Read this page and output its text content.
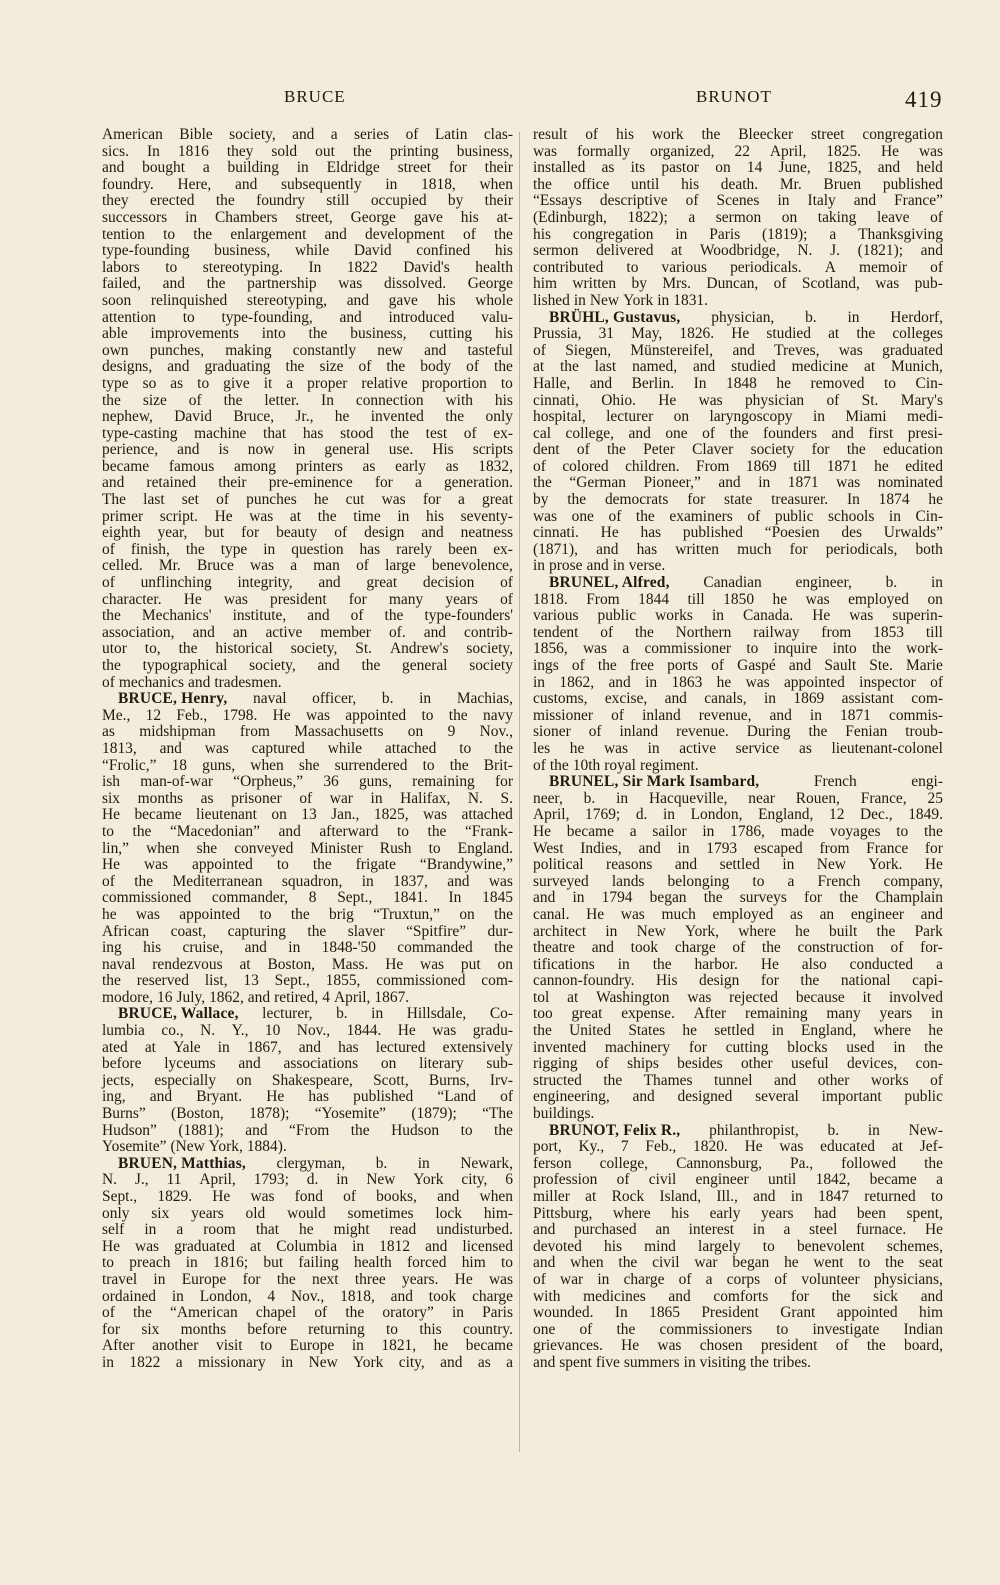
BRUCE	BRUNOT	419
American Bible society, and a series of Latin clas-
sics. In 1816 they sold out the printing business,
and bought a building in Eldridge street for their
foundry. Here, and subsequently in 1818, when
they erected the foundry still occupied by their
successors in Chambers street, George gave his at-
tention to the enlargement and development of the
type-founding business, while David confined his
labors to stereotyping. In 1822 David's health
failed, and the partnership was dissolved. George
soon relinquished stereotyping, and gave his whole
attention to type-founding, and introduced valu-
able improvements into the business, cutting his
own punches, making constantly new and tasteful
designs, and graduating the size of the body of the
type so as to give it a proper relative proportion to
the size of the letter. In connection with his
nephew, David Bruce, Jr., he invented the only
type-casting machine that has stood the test of ex-
perience, and is now in general use. His scripts
became famous among printers as early as 1832,
and retained their pre-eminence for a generation.
The last set of punches he cut was for a great
primer script. He was at the time in his seventy-
eighth year, but for beauty of design and neatness
of finish, the type in question has rarely been ex-
celled. Mr. Bruce was a man of large benevolence,
of unflinching integrity, and great decision of
character. He was president for many years of
the Mechanics' institute, and of the type-founders'
association, and an active member of. and contrib-
utor to, the historical society, St. Andrew's society,
the typographical society, and the general society
of mechanics and tradesmen.
BRUCE, Henry, naval officer, b. in Machias,
Me., 12 Feb., 1798. He was appointed to the navy
as midshipman from Massachusetts on 9 Nov.,
1813, and was captured while attached to the
“Frolic,” 18 guns, when she surrendered to the Brit-
ish man-of-war “Orpheus,” 36 guns, remaining for
six months as prisoner of war in Halifax, N. S.
He became lieutenant on 13 Jan., 1825, was attached
to the “Macedonian” and afterward to the “Frank-
lin,” when she conveyed Minister Rush to England.
He was appointed to the frigate “Brandywine,”
of the Mediterranean squadron, in 1837, and was
commissioned commander, 8 Sept., 1841. In 1845
he was appointed to the brig “Truxtun,” on the
African coast, capturing the slaver “Spitfire” dur-
ing his cruise, and in 1848-'50 commanded the
naval rendezvous at Boston, Mass. He was put on
the reserved list, 13 Sept., 1855, commissioned com-
modore, 16 July, 1862, and retired, 4 April, 1867.
BRUCE, Wallace, lecturer, b. in Hillsdale, Co-
lumbia co., N. Y., 10 Nov., 1844. He was gradu-
ated at Yale in 1867, and has lectured extensively
before lyceums and associations on literary sub-
jects, especially on Shakespeare, Scott, Burns, Irv-
ing, and Bryant. He has published “Land of
Burns” (Boston, 1878); “Yosemite” (1879); “The
Hudson” (1881); and “From the Hudson to the
Yosemite” (New York, 1884).
BRUEN, Matthias, clergyman, b. in Newark,
N. J., 11 April, 1793; d. in New York city, 6
Sept., 1829. He was fond of books, and when
only six years old would sometimes lock him-
self in a room that he might read undisturbed.
He was graduated at Columbia in 1812 and licensed
to preach in 1816; but failing health forced him to
travel in Europe for the next three years. He was
ordained in London, 4 Nov., 1818, and took charge
of the “American chapel of the oratory” in Paris
for six months before returning to this country.
After another visit to Europe in 1821, he became
in 1822 a missionary in New York city, and as a
result of his work the Bleecker street congregation
was formally organized, 22 April, 1825. He was
installed as its pastor on 14 June, 1825, and held
the office until his death. Mr. Bruen published
“Essays descriptive of Scenes in Italy and France”
(Edinburgh, 1822); a sermon on taking leave of
his congregation in Paris (1819); a Thanksgiving
sermon delivered at Woodbridge, N. J. (1821); and
contributed to various periodicals. A memoir of
him written by Mrs. Duncan, of Scotland, was pub-
lished in New York in 1831.
BRÜHL, Gustavus, physician, b. in Herdorf,
Prussia, 31 May, 1826. He studied at the colleges
of Siegen, Münstereifel, and Treves, was graduated
at the last named, and studied medicine at Munich,
Halle, and Berlin. In 1848 he removed to Cin-
cinnati, Ohio. He was physician of St. Mary's
hospital, lecturer on laryngoscopy in Miami medi-
cal college, and one of the founders and first presi-
dent of the Peter Claver society for the education
of colored children. From 1869 till 1871 he edited
the “German Pioneer,” and in 1871 was nominated
by the democrats for state treasurer. In 1874 he
was one of the examiners of public schools in Cin-
cinnati. He has published “Poesien des Urwalds”
(1871), and has written much for periodicals, both
in prose and in verse.
BRUNEL, Alfred, Canadian engineer, b. in
1818. From 1844 till 1850 he was employed on
various public works in Canada. He was superin-
tendent of the Northern railway from 1853 till
1856, was a commissioner to inquire into the work-
ings of the free ports of Gaspé and Sault Ste. Marie
in 1862, and in 1863 he was appointed inspector of
customs, excise, and canals, in 1869 assistant com-
missioner of inland revenue, and in 1871 commis-
sioner of inland revenue. During the Fenian troub-
les he was in active service as lieutenant-colonel
of the 10th royal regiment.
BRUNEL, Sir Mark Isambard,	French	engi-
neer, b. in Hacqueville, near Rouen, France, 25
April, 1769; d. in London, England, 12 Dec., 1849.
He became a sailor in 1786, made voyages to the
West Indies, and in 1793 escaped from France for
political reasons and settled in New York. He
surveyed lands belonging to a French company,
and in 1794 began the surveys for the Champlain
canal. He was much employed as an engineer and
architect in New York, where he built the Park
theatre and took charge of the construction of for-
tifications in the harbor. He also conducted a
cannon-foundry. His design for the national capi-
tol at Washington was rejected because it involved
too great expense. After remaining many years in
the United States he settled in England, where he
invented machinery for cutting blocks used in the
rigging of ships besides other useful devices, con-
structed the Thames tunnel and other works of
engineering, and designed several important public
buildings.
BRUNOT, Felix R., philanthropist, b. in New-
port, Ky., 7 Feb., 1820. He was educated at Jef-
ferson college, Cannonsburg, Pa., followed the
profession of civil engineer until 1842, became a
miller at Rock Island, Ill., and in 1847 returned to
Pittsburg, where his early years had been spent,
and purchased an interest in a steel furnace. He
devoted his mind largely to benevolent schemes,
and when the civil war began he went to the seat
of war in charge of a corps of volunteer physicians,
with medicines and comforts for the sick and
wounded. In 1865 President Grant appointed him
one of the commissioners to investigate Indian
grievances. He was chosen president of the board,
and spent five summers in visiting the tribes.
